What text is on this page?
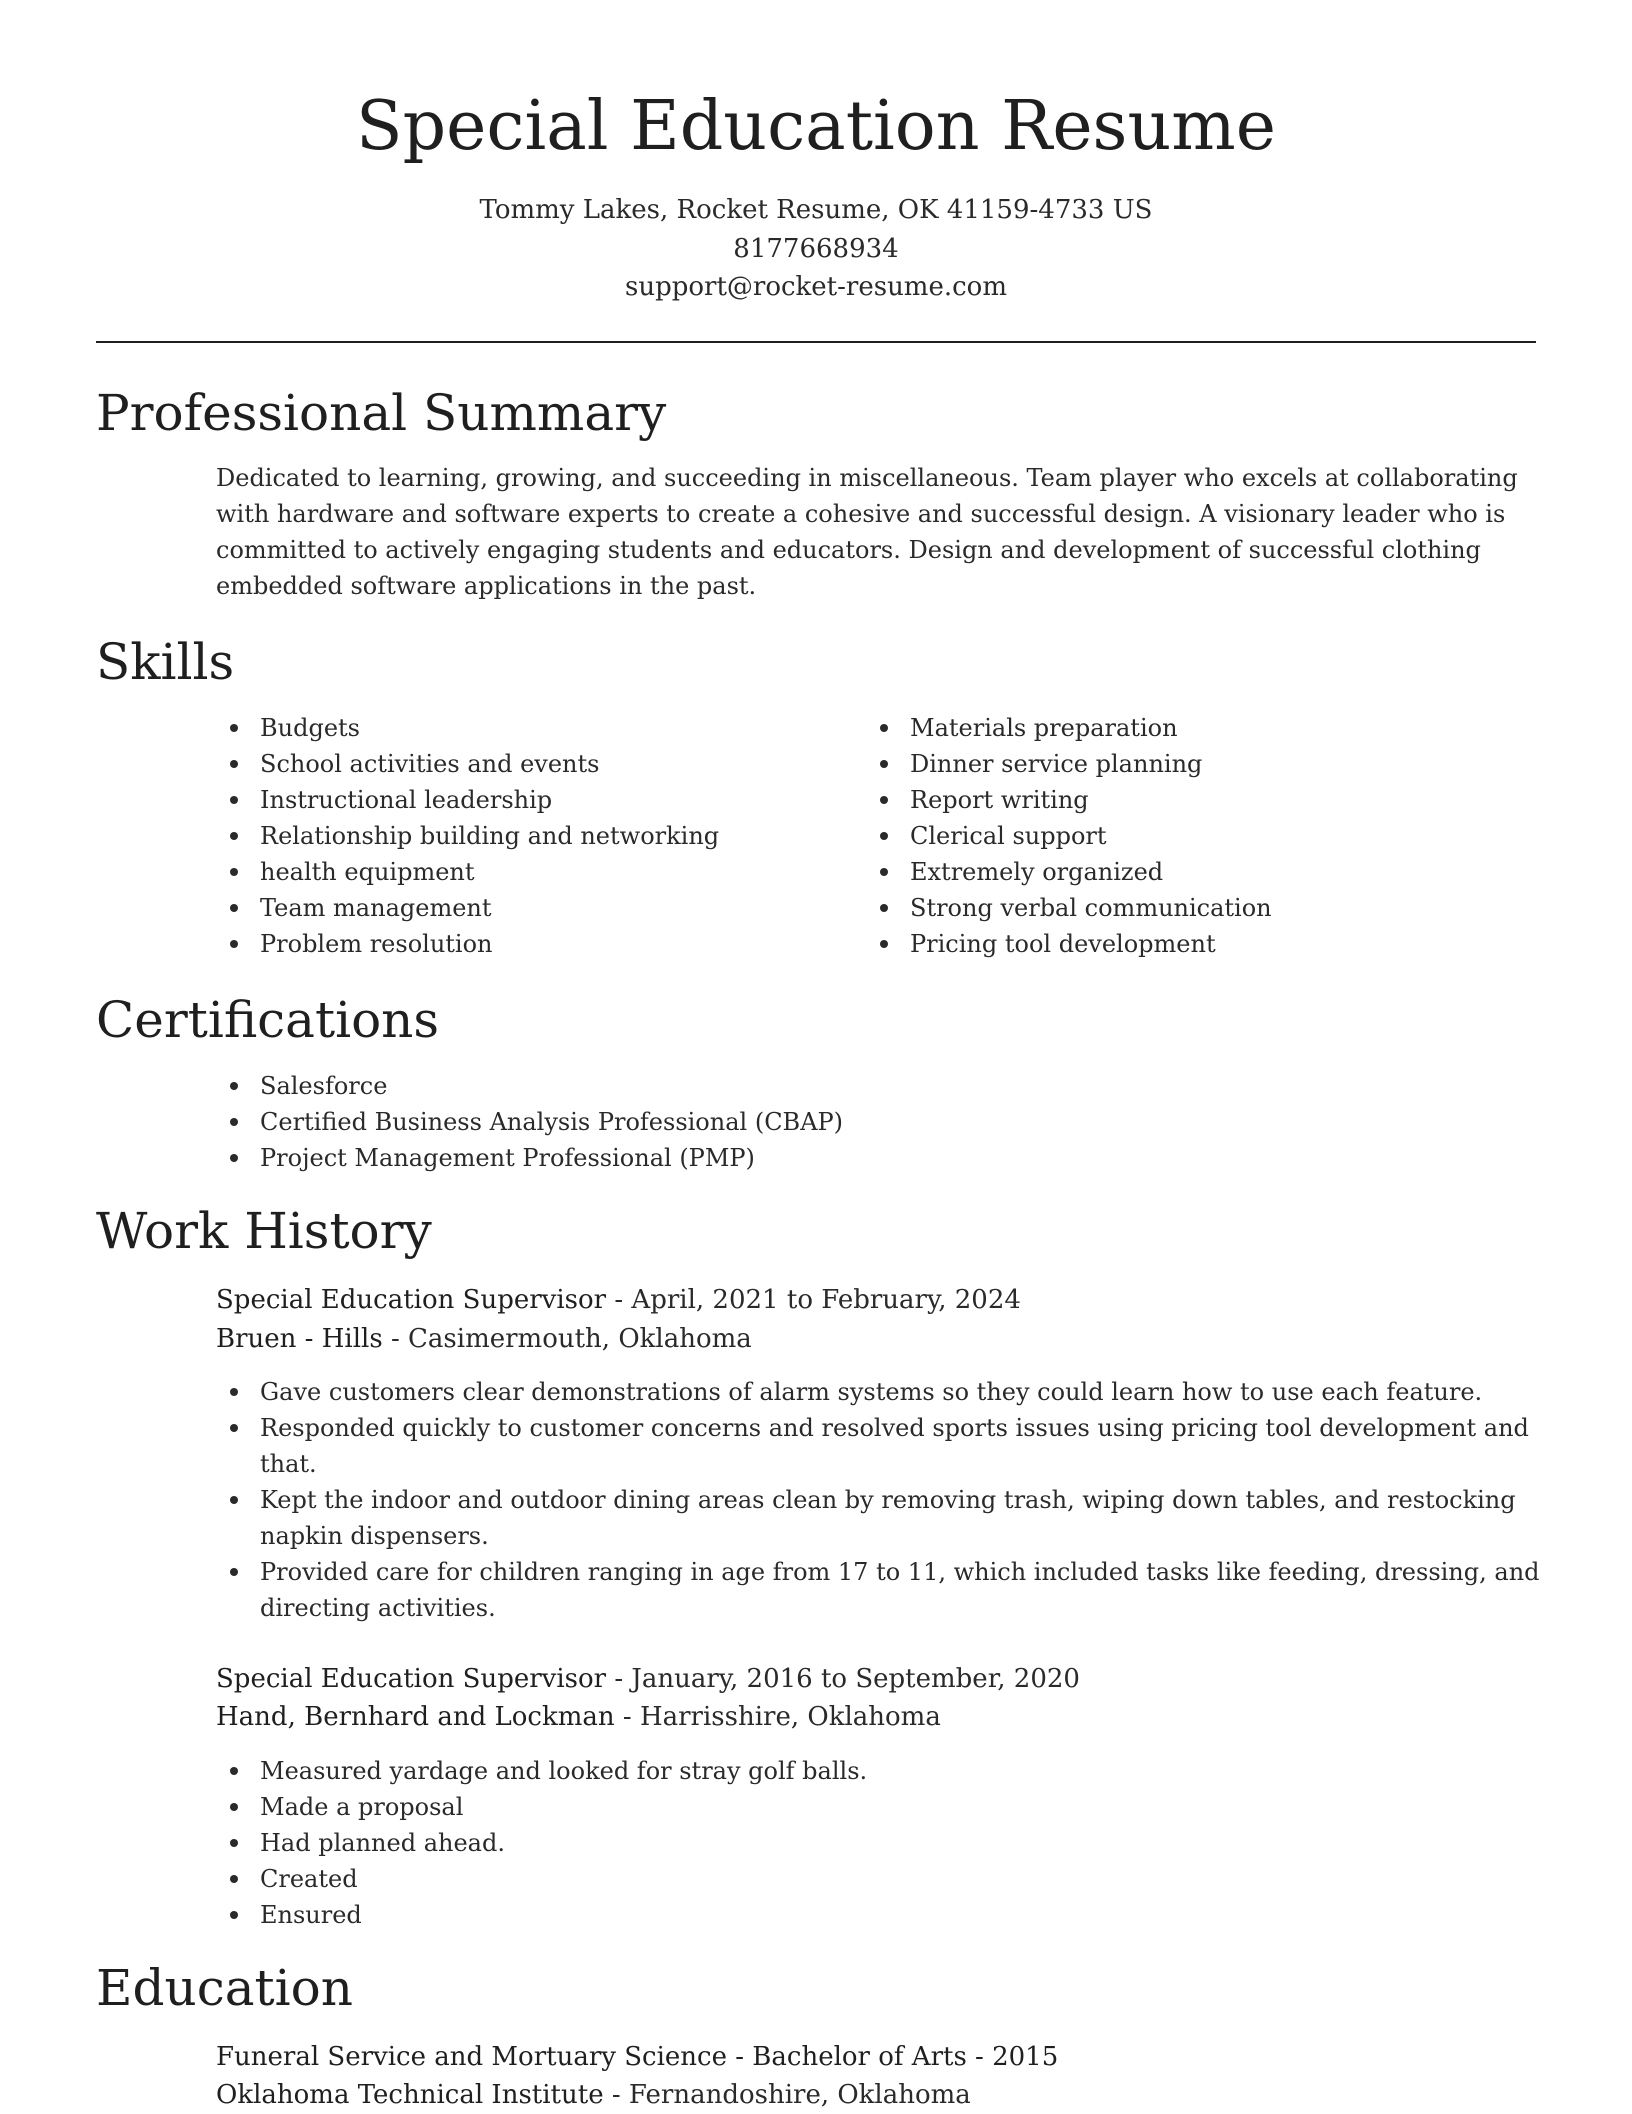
Special Education Resume
Tommy Lakes, Rocket Resume, OK 41159-4733 US
8177668934
support@rocket-resume.com
Professional Summary

Dedicated to learning, growing, and succeeding in miscellaneous. Team player who excels at collaborating with hardware and software experts to create a cohesive and successful design. A visionary leader who is committed to actively engaging students and educators. Design and development of successful clothing embedded software applications in the past.

Skills
Budgets
School activities and events
Instructional leadership
Relationship building and networking
health equipment
Team management
Problem resolution
Materials preparation
Dinner service planning
Report writing
Clerical support
Extremely organized
Strong verbal communication
Pricing tool development
Certifications
Salesforce
Certified Business Analysis Professional (CBAP)
Project Management Professional (PMP)
Work History
Special Education Supervisor - April, 2021 to February, 2024
Bruen - Hills - Casimermouth, Oklahoma
Gave customers clear demonstrations of alarm systems so they could learn how to use each feature.
Responded quickly to customer concerns and resolved sports issues using pricing tool development and that.
Kept the indoor and outdoor dining areas clean by removing trash, wiping down tables, and restocking napkin dispensers.
Provided care for children ranging in age from 17 to 11, which included tasks like feeding, dressing, and directing activities.
Special Education Supervisor - January, 2016 to September, 2020
Hand, Bernhard and Lockman - Harrisshire, Oklahoma
Measured yardage and looked for stray golf balls.
Made a proposal
Had planned ahead.
Created
Ensured
Education
Funeral Service and Mortuary Science - Bachelor of Arts - 2015
Oklahoma Technical Institute - Fernandoshire, Oklahoma
